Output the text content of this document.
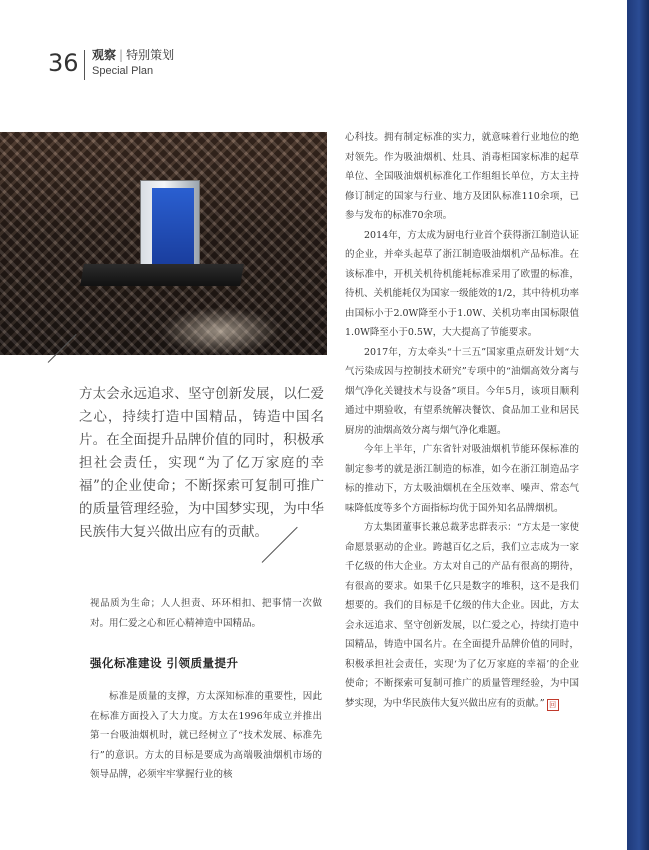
36 观察 | 特别策划
Special Plan
方太会永远追求、坚守创新发展，以仁爱之心，持续打造中国精品，铸造中国名片。在全面提升品牌价值的同时，积极承担社会责任，实现“为了亿万家庭的幸福”的企业使命；不断探索可复制可推广的质量管理经验，为中国梦实现，为中华民族伟大复兴做出应有的贡献。

视品质为生命；人人担责、环环相扣、把事情一次做对。用仁爱之心和匠心精神造中国精品。

强化标准建设 引领质量提升

标准是质量的支撑，方太深知标准的重要性，因此在标准方面投入了大力度。方太在1996年成立并推出第一台吸油烟机时，就已经树立了“技术发展、标准先行”的意识。方太的目标是要成为高端吸油烟机市场的领导品牌，必须牢牢掌握行业的核

心科技。拥有制定标准的实力，就意味着行业地位的绝对领先。作为吸油烟机、灶具、消毒柜国家标准的起草单位、全国吸油烟机标准化工作组组长单位，方太主持修订制定的国家与行业、地方及团队标准110余项，已参与发布的标准70余项。

2014年，方太成为厨电行业首个获得浙江制造认证的企业，并牵头起草了浙江制造吸油烟机产品标准。在该标准中，开机关机待机能耗标准采用了欧盟的标准，待机、关机能耗仅为国家一级能效的1/2，其中待机功率由国标小于2.0W降至小于1.0W、关机功率由国标限值1.0W降至小于0.5W，大大提高了节能要求。

2017年，方太牵头“十三五”国家重点研发计划“大气污染成因与控制技术研究”专项中的“油烟高效分离与烟气净化关键技术与设备”项目。今年5月，该项目顺利通过中期验收，有望系统解决餐饮、食品加工业和居民厨房的油烟高效分离与烟气净化难题。

今年上半年，广东省针对吸油烟机节能环保标准的制定参考的就是浙江制造的标准，如今在浙江制造品字标的推动下，方太吸油烟机在全压效率、噪声、常态气味降低度等多个方面指标均优于国外知名品牌烟机。

方太集团董事长兼总裁茅忠群表示：“方太是一家使命愿景驱动的企业。跨越百亿之后，我们立志成为一家千亿级的伟大企业。方太对自己的产品有很高的期待，有很高的要求。如果千亿只是数字的堆积，这不是我们想要的。我们的目标是千亿级的伟大企业。因此，方太会永远追求、坚守创新发展，以仁爱之心，持续打造中国精品，铸造中国名片。在全面提升品牌价值的同时，积极承担社会责任，实现‘为了亿万家庭的幸福’的企业使命；不断探索可复制可推广的质量管理经验，为中国梦实现，为中华民族伟大复兴做出应有的贡献。” 回
